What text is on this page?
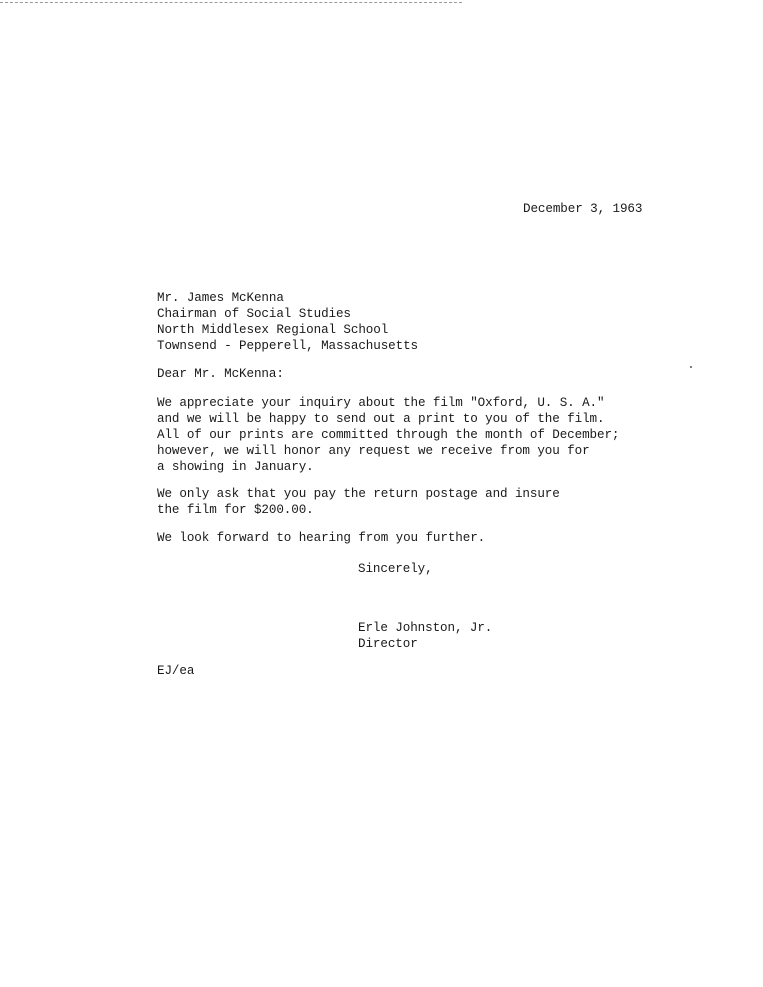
December 3, 1963
Mr. James McKenna
Chairman of Social Studies
North Middlesex Regional School
Townsend - Pepperell, Massachusetts
Dear Mr. McKenna:
We appreciate your inquiry about the film "Oxford, U. S. A."
and we will be happy to send out a print to you of the film.
All of our prints are committed through the month of December;
however, we will honor any request we receive from you for
a showing in January.
We only ask that you pay the return postage and insure
the film for $200.00.
We look forward to hearing from you further.
Sincerely,
Erle Johnston, Jr.
Director
EJ/ea
